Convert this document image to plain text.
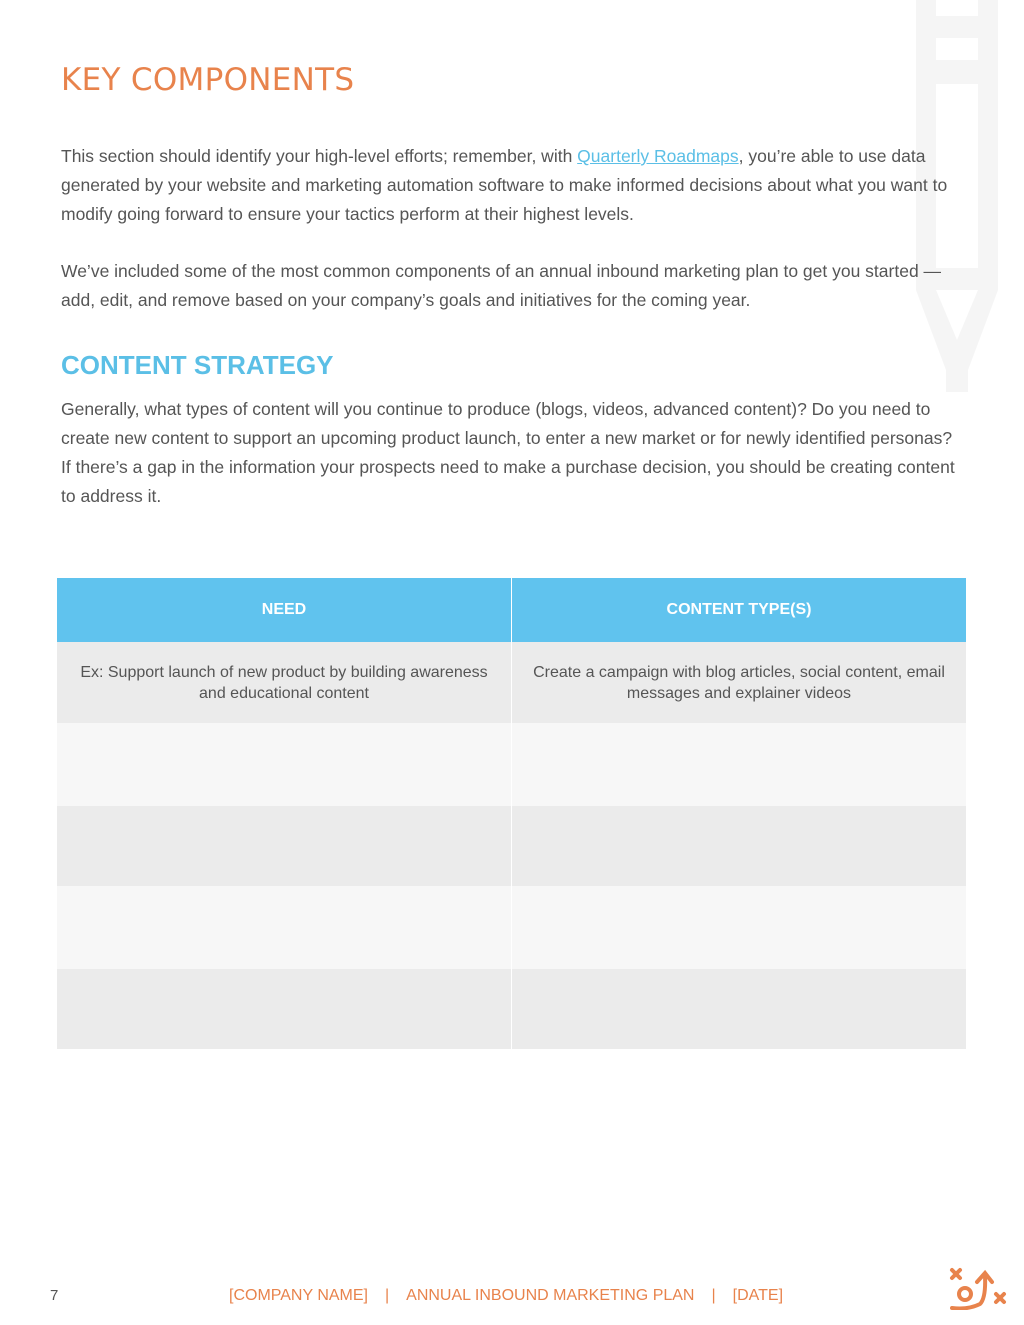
KEY COMPONENTS

This section should identify your high-level efforts; remember, with Quarterly Roadmaps, you’re able to use data generated by your website and marketing automation software to make informed decisions about what you want to modify going forward to ensure your tactics perform at their highest levels.

We’ve included some of the most common components of an annual inbound marketing plan to get you started — add, edit, and remove based on your company’s goals and initiatives for the coming year.

CONTENT STRATEGY

Generally, what types of content will you continue to produce (blogs, videos, advanced content)? Do you need to create new content to support an upcoming product launch, to enter a new market or for newly identified personas? If there’s a gap in the information your prospects need to make a purchase decision, you should be creating content to address it.

NEED	CONTENT TYPE(S)
Ex: Support launch of new product by building awareness and educational content	Create a campaign with blog articles, social content, email messages and explainer videos

7	[COMPANY NAME] | ANNUAL INBOUND MARKETING PLAN | [DATE]
